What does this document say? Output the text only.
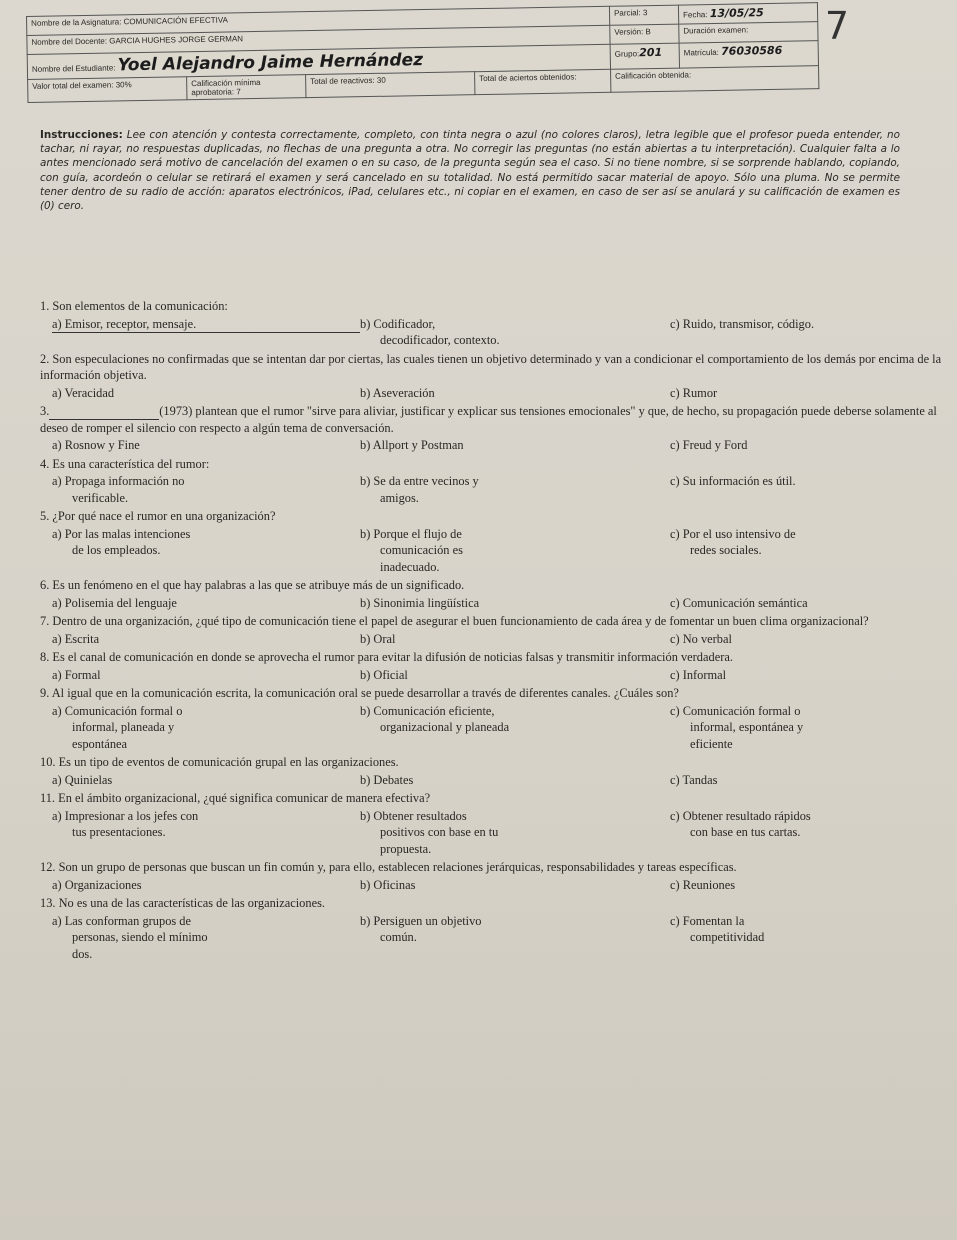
7
Nombre de la Asignatura: COMUNICACIÓN EFECTIVA				Parcial: 3	Fecha: 13/05/25
Nombre del Docente: GARCIA HUGHES JORGE GERMAN				Versión: B	Duración examen:
Nombre del Estudiante: Yoel Alejandro Jaime Hernández				Grupo:201	Matrícula: 76030586
Valor total del examen: 30%	Calificación mínima aprobatoria: 7	Total de reactivos: 30	Total de aciertos obtenidos:	Calificación obtenida:	
Instrucciones: Lee con atención y contesta correctamente, completo, con tinta negra o azul (no colores claros), letra legible que el profesor pueda entender, no tachar, ni rayar, no respuestas duplicadas, no flechas de una pregunta a otra. No corregir las preguntas (no están abiertas a tu interpretación). Cualquier falta a lo antes mencionado será motivo de cancelación del examen o en su caso, de la pregunta según sea el caso. Si no tiene nombre, si se sorprende hablando, copiando, con guía, acordeón o celular se retirará el examen y será cancelado en su totalidad. No está permitido sacar material de apoyo. Sólo una pluma. No se permite tener dentro de su radio de acción: aparatos electrónicos, iPad, celulares etc., ni copiar en el examen, en caso de ser así se anulará y su calificación de examen es (0) cero.
1. Son elementos de la comunicación:
a) Emisor, receptor, mensaje.	b) Codificador,
decodificador, contexto.
c) Ruido, transmisor, código.
2. Son especulaciones no confirmadas que se intentan dar por ciertas, las cuales tienen un objetivo determinado y van a condicionar el comportamiento de los demás por encima de la información objetiva.
a) Veracidad	b) Aseveración	c) Rumor
3.	(1973) plantean que el rumor "sirve para aliviar, justificar y explicar sus tensiones emocionales" y que, de hecho, su propagación puede deberse solamente al deseo de romper el silencio con respecto a algún tema de conversación.
a) Rosnow y Fine	b) Allport y Postman	c) Freud y Ford
4. Es una característica del rumor:
a) Propaga información no
verificable.
b) Se da entre vecinos y
amigos.
c) Su información es útil.
5. ¿Por qué nace el rumor en una organización?
a) Por las malas intenciones
de los empleados.
b) Porque el flujo de
comunicación es
inadecuado.
c) Por el uso intensivo de
redes sociales.
6. Es un fenómeno en el que hay palabras a las que se atribuye más de un significado.
a) Polisemia del lenguaje	b) Sinonimia lingüística	c) Comunicación semántica
7. Dentro de una organización, ¿qué tipo de comunicación tiene el papel de asegurar el buen funcionamiento de cada área y de fomentar un buen clima organizacional?
a) Escrita	b) Oral	c) No verbal
8. Es el canal de comunicación en donde se aprovecha el rumor para evitar la difusión de noticias falsas y transmitir información verdadera.
a) Formal	b) Oficial	c) Informal
9. Al igual que en la comunicación escrita, la comunicación oral se puede desarrollar a través de diferentes canales. ¿Cuáles son?
a) Comunicación formal o
informal, planeada y
espontánea
b) Comunicación eficiente,
organizacional y planeada
c) Comunicación formal o
informal, espontánea y
eficiente
10. Es un tipo de eventos de comunicación grupal en las organizaciones.
a) Quinielas	b) Debates	c) Tandas
11. En el ámbito organizacional, ¿qué significa comunicar de manera efectiva?
a) Impresionar a los jefes con
tus presentaciones.
b) Obtener resultados
positivos con base en tu
propuesta.
c) Obtener resultado rápidos
con base en tus cartas.
12. Son un grupo de personas que buscan un fin común y, para ello, establecen relaciones jerárquicas, responsabilidades y tareas específicas.
a) Organizaciones	b) Oficinas	c) Reuniones
13. No es una de las características de las organizaciones.
a) Las conforman grupos de
personas, siendo el mínimo
dos.
b) Persiguen un objetivo
común.
c) Fomentan la
competitividad
